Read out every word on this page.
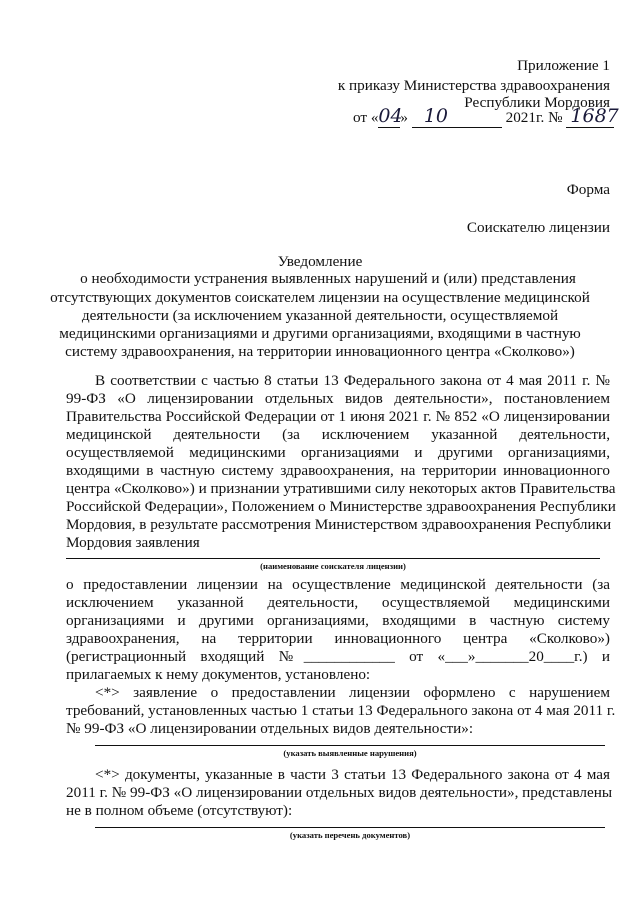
Приложение 1
к приказу Министерства здравоохранения
Республики Мордовия
от «04» 10	2021г. № 1687
Форма
Соискателю лицензии
Уведомление
о необходимости устранения выявленных нарушений и (или) представления
отсутствующих документов соискателем лицензии на осуществление медицинской
деятельности (за исключением указанной деятельности, осуществляемой
медицинскими организациями и другими организациями, входящими в частную
систему здравоохранения, на территории инновационного центра «Сколково»)
В соответствии с частью 8 статьи 13 Федерального закона от 4 мая 2011 г. №
99-ФЗ «О лицензировании отдельных видов деятельности», постановлением
Правительства Российской Федерации от 1 июня 2021 г. № 852 «О лицензировании
медицинской деятельности (за исключением указанной деятельности,
осуществляемой медицинскими организациями и другими организациями,
входящими в частную систему здравоохранения, на территории инновационного
центра «Сколково») и признании утратившими силу некоторых актов Правительства
Российской Федерации», Положением о Министерстве здравоохранения Республики
Мордовия, в результате рассмотрения Министерством здравоохранения Республики
Мордовия заявления
(наименование соискателя лицензии)
о предоставлении лицензии на осуществление медицинской деятельности (за
исключением указанной деятельности, осуществляемой медицинскими
организациями и другими организациями, входящими в частную систему
здравоохранения, на территории инновационного центра «Сколково»)
(регистрационный входящий №____________ от «___»_______20____г.) и
прилагаемых к нему документов, установлено:
<*> заявление о предоставлении лицензии оформлено с нарушением
требований, установленных частью 1 статьи 13 Федерального закона от 4 мая 2011 г.
№ 99-ФЗ «О лицензировании отдельных видов деятельности»:
(указать выявленные нарушения)
<*> документы, указанные в части 3 статьи 13 Федерального закона от 4 мая
2011 г. № 99-ФЗ «О лицензировании отдельных видов деятельности», представлены
не в полном объеме (отсутствуют):
(указать перечень документов)
